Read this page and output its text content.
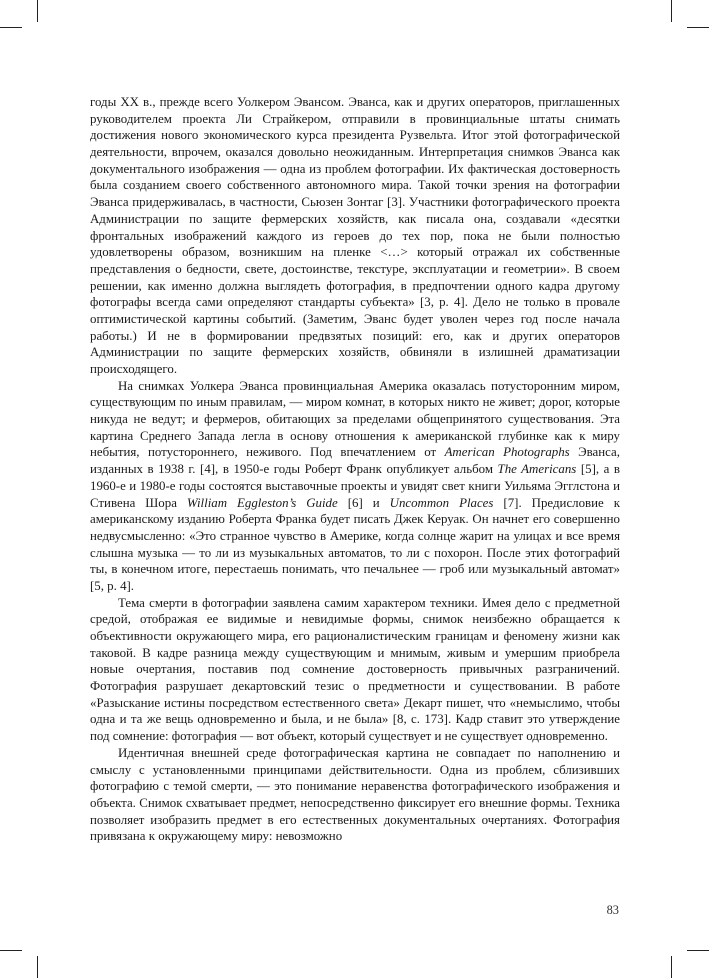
годы XX в., прежде всего Уолкером Эвансом. Эванса, как и других операторов, приглашенных руководителем проекта Ли Страйкером, отправили в провинциальные штаты снимать достижения нового экономического курса президента Рузвельта. Итог этой фотографической деятельности, впрочем, оказался довольно неожиданным. Интерпретация снимков Эванса как документального изображения — одна из проблем фотографии. Их фактическая достоверность была созданием своего собственного автономного мира. Такой точки зрения на фотографии Эванса придерживалась, в частности, Сьюзен Зонтаг [3]. Участники фотографического проекта Администрации по защите фермерских хозяйств, как писала она, создавали «десятки фронтальных изображений каждого из героев до тех пор, пока не были полностью удовлетворены образом, возникшим на пленке <…> который отражал их собственные представления о бедности, свете, достоинстве, текстуре, эксплуатации и геометрии». В своем решении, как именно должна выглядеть фотография, в предпочтении одного кадра другому фотографы всегда сами определяют стандарты субъекта» [3, p. 4]. Дело не только в провале оптимистической картины событий. (Заметим, Эванс будет уволен через год после начала работы.) И не в формировании предвзятых позиций: его, как и других операторов Администрации по защите фермерских хозяйств, обвиняли в излишней драматизации происходящего.

На снимках Уолкера Эванса провинциальная Америка оказалась потусторонним миром, существующим по иным правилам, — миром комнат, в которых никто не живет; дорог, которые никуда не ведут; и фермеров, обитающих за пределами общепринятого существования. Эта картина Среднего Запада легла в основу отношения к американской глубинке как к миру небытия, потустороннего, неживого. Под впечатлением от American Photographs Эванса, изданных в 1938 г. [4], в 1950-е годы Роберт Франк опубликует альбом The Americans [5], а в 1960-е и 1980-е годы состоятся выставочные проекты и увидят свет книги Уильяма Эгглстона и Стивена Шора William Eggleston’s Guide [6] и Uncommon Places [7]. Предисловие к американскому изданию Роберта Франка будет писать Джек Керуак. Он начнет его совершенно недвусмысленно: «Это странное чувство в Америке, когда солнце жарит на улицах и все время слышна музыка — то ли из музыкальных автоматов, то ли с похорон. После этих фотографий ты, в конечном итоге, перестаешь понимать, что печальнее — гроб или музыкальный автомат» [5, p. 4].

Тема смерти в фотографии заявлена самим характером техники. Имея дело с предметной средой, отображая ее видимые и невидимые формы, снимок неизбежно обращается к объективности окружающего мира, его рационалистическим границам и феномену жизни как таковой. В кадре разница между существующим и мнимым, живым и умершим приобрела новые очертания, поставив под сомнение достоверность привычных разграничений. Фотография разрушает декартовский тезис о предметности и существовании. В работе «Разыскание истины посредством естественного света» Декарт пишет, что «немыслимо, чтобы одна и та же вещь одновременно и была, и не была» [8, с. 173]. Кадр ставит это утверждение под сомнение: фотография — вот объект, который существует и не существует одновременно.

Идентичная внешней среде фотографическая картина не совпадает по наполнению и смыслу с установленными принципами действительности. Одна из проблем, сблизивших фотографию с темой смерти, — это понимание неравенства фотографического изображения и объекта. Снимок схватывает предмет, непосредственно фиксирует его внешние формы. Техника позволяет изобразить предмет в его естественных документальных очертаниях. Фотография привязана к окружающему миру: невозможно

83
